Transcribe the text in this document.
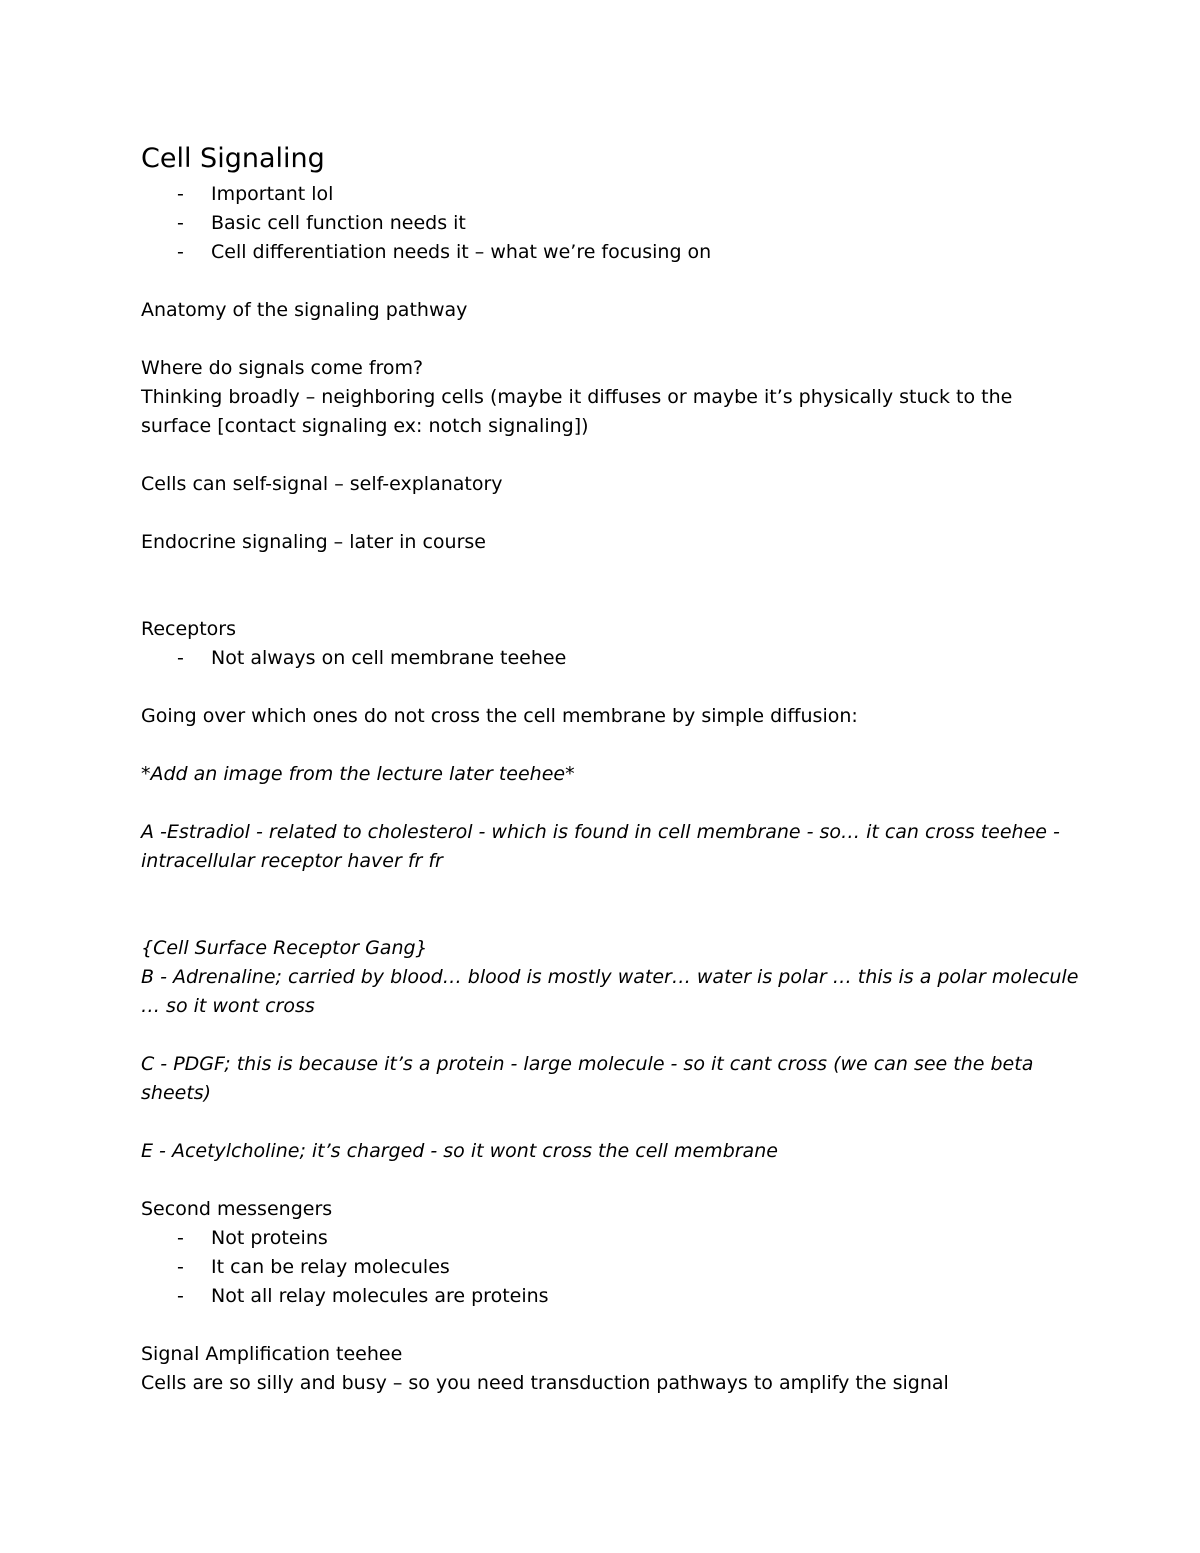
Cell Signaling
- Important lol
- Basic cell function needs it
- Cell differentiation needs it – what we’re focusing on

Anatomy of the signaling pathway

Where do signals come from?

Thinking broadly – neighboring cells (maybe it diffuses or maybe it’s physically stuck to the surface [contact signaling ex: notch signaling])

Cells can self-signal – self-explanatory

Endocrine signaling – later in course

Receptors

- Not always on cell membrane teehee

Going over which ones do not cross the cell membrane by simple diffusion:

*Add an image from the lecture later teehee*

A -Estradiol - related to cholesterol - which is found in cell membrane - so… it can cross teehee - intracellular receptor haver fr fr

{Cell Surface Receptor Gang}

B - Adrenaline; carried by blood… blood is mostly water… water is polar … this is a polar molecule … so it wont cross

C - PDGF; this is because it’s a protein - large molecule - so it cant cross (we can see the beta sheets)

E - Acetylcholine; it’s charged - so it wont cross the cell membrane

Second messengers

- Not proteins
- It can be relay molecules
- Not all relay molecules are proteins

Signal Amplification teehee

Cells are so silly and busy – so you need transduction pathways to amplify the signal
